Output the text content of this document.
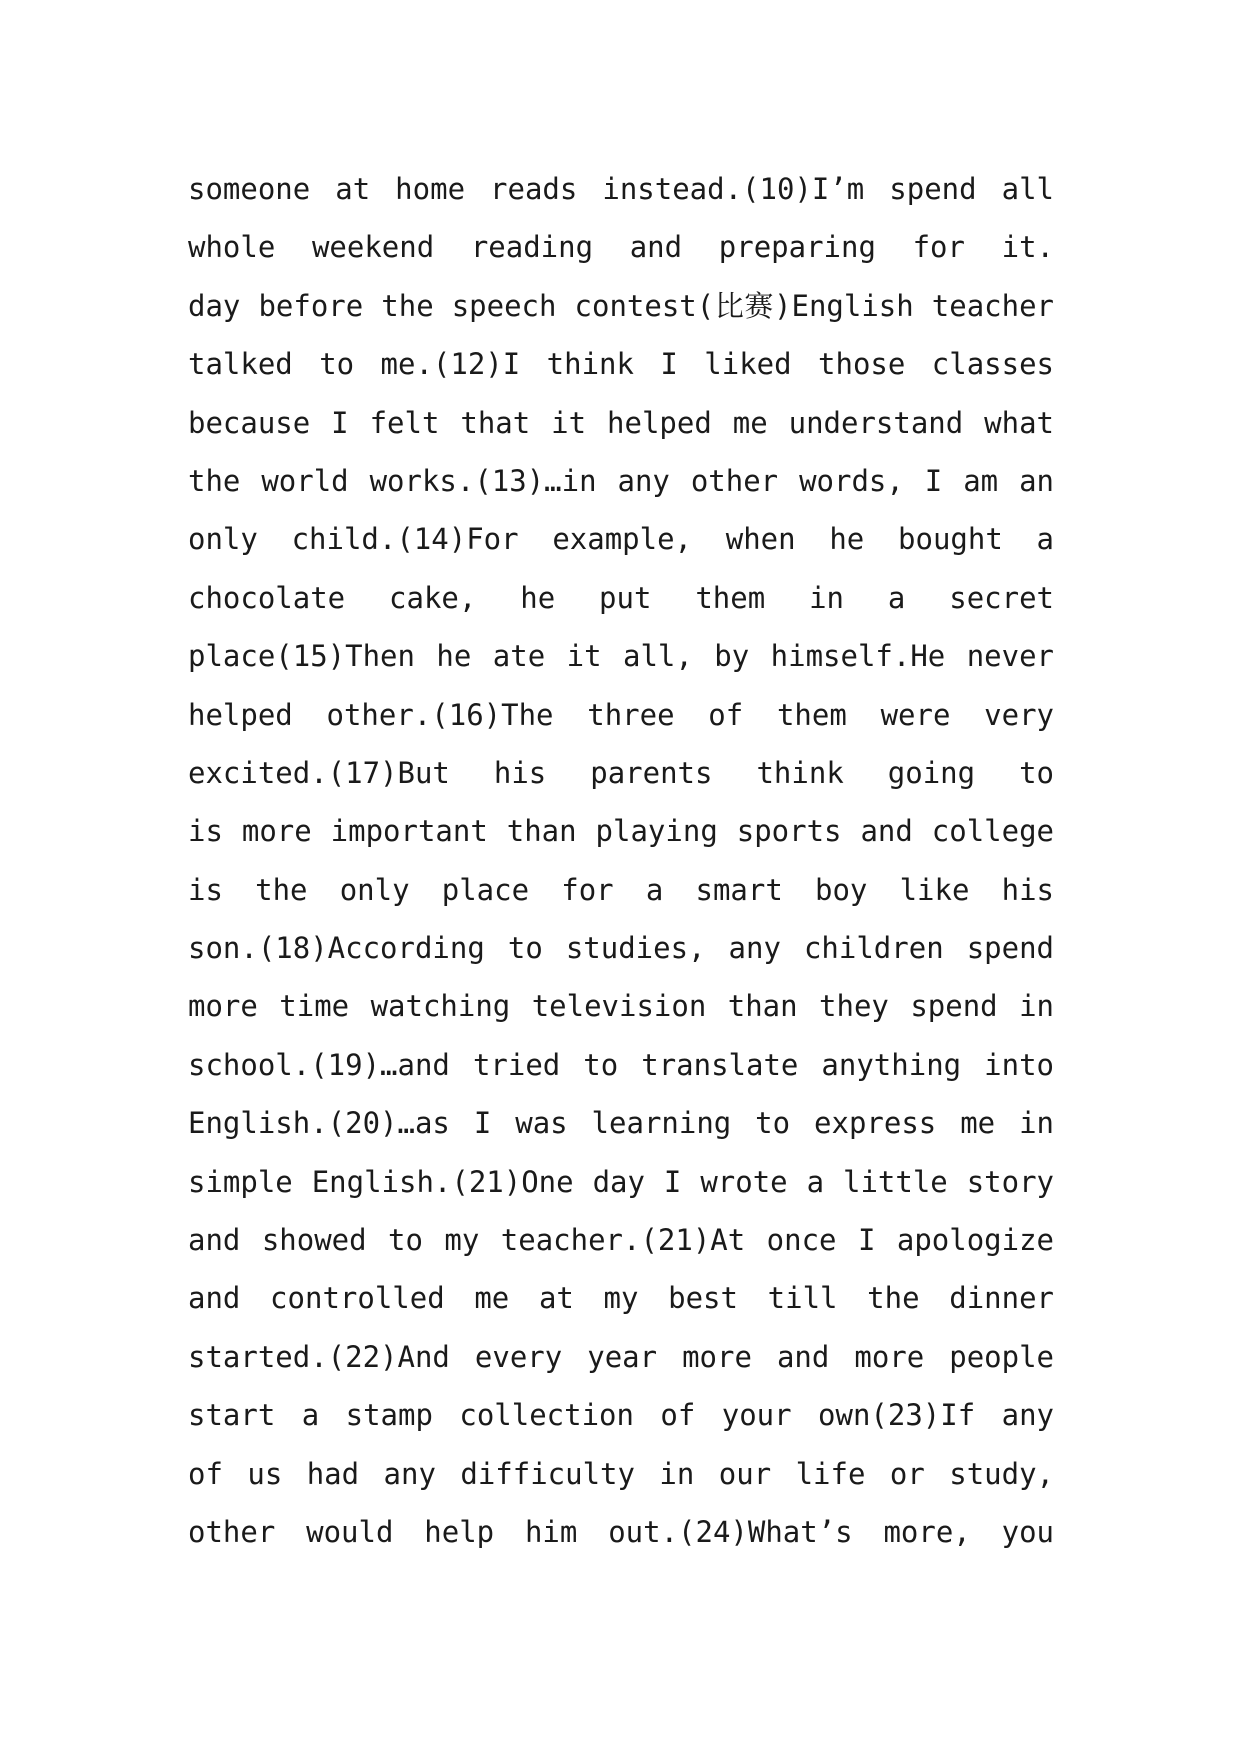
someone at home reads instead.(10)I’m spend all
whole weekend reading and preparing for it.
day before the speech contest(比赛)English teacher
talked to me.(12)I think I liked those classes
because I felt that it helped me understand what
the world works.(13)…in any other words, I am an
only child.(14)For example, when he bought a
chocolate cake, he put them in a secret
place(15)Then he ate it all, by himself.He never
helped other.(16)The three of them were very
excited.(17)But his parents think going to
is more important than playing sports and college
is the only place for a smart boy like his
son.(18)According to studies, any children spend
more time watching television than they spend in
school.(19)…and tried to translate anything into
English.(20)…as I was learning to express me in
simple English.(21)One day I wrote a little story
and showed to my teacher.(21)At once I apologize
and controlled me at my best till the dinner
started.(22)And every year more and more people
start a stamp collection of your own(23)If any
of us had any difficulty in our life or study,
other would help him out.(24)What’s more, you
